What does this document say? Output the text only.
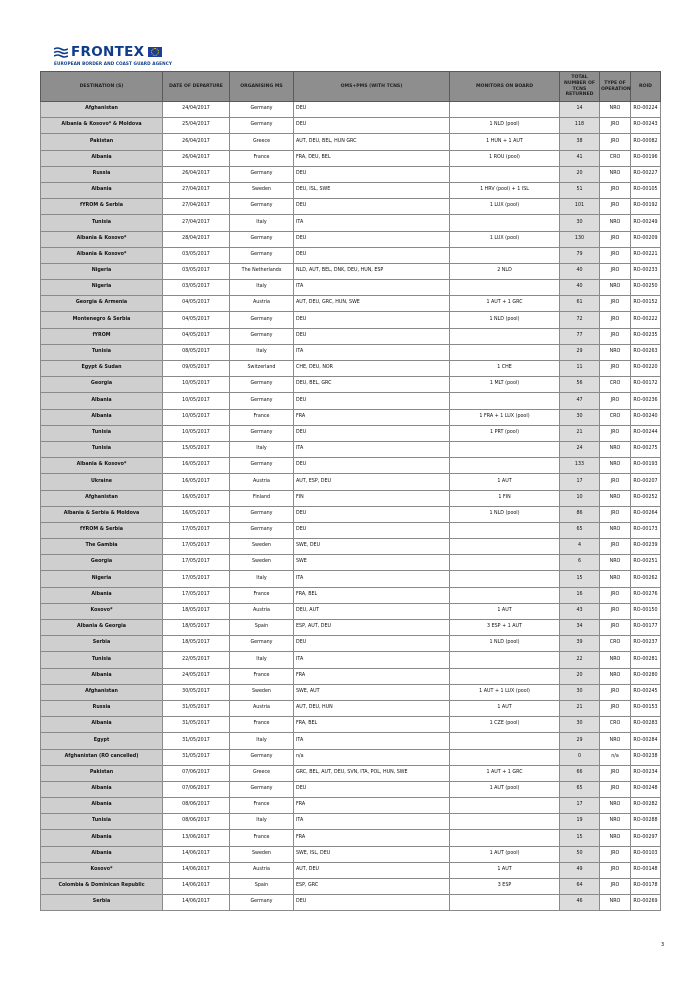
FRONTEX
EUROPEAN BORDER AND COAST GUARD AGENCY
DESTINATION (S)	DATE OF DEPARTURE	ORGANISING MS	OMS+PMS (WITH TCNS)	MONITORS ON BOARD	TOTAL NUMBER OF TCNS RETURNED	TYPE OF OPERATION	ROID
Afghanistan	24/04/2017	Germany	DEU		14	NRO	RO-00224
Albania & Kosovo* & Moldova	25/04/2017	Germany	DEU	1 NLD (pool)	118	JRO	RO-00243
Pakistan	26/04/2017	Greece	AUT, DEU, BEL, HUN GRC	1 HUN + 1 AUT	38	JRO	RO-00082
Albania	26/04/2017	France	FRA, DEU, BEL	1 ROU (pool)	41	CRO	RO-00196
Russia	26/04/2017	Germany	DEU		20	NRO	RO-00227
Albania	27/04/2017	Sweden	DEU, ISL, SWE	1 HRV (pool) + 1 ISL	51	JRO	RO-00105
fYROM & Serbia	27/04/2017	Germany	DEU	1 LUX (pool)	101	JRO	RO-00192
Tunisia	27/04/2017	Italy	ITA		30	NRO	RO-00249
Albania & Kosovo*	28/04/2017	Germany	DEU	1 LUX (pool)	130	JRO	RO-00209
Albania & Kosovo*	03/05/2017	Germany	DEU		79	JRO	RO-00221
Nigeria	03/05/2017	The Netherlands	NLD, AUT, BEL, DNK, DEU, HUN, ESP	2 NLD	40	JRO	RO-00233
Nigeria	03/05/2017	Italy	ITA		40	NRO	RO-00250
Georgia & Armenia	04/05/2017	Austria	AUT, DEU, GRC, HUN, SWE	1 AUT + 1 GRC	61	JRO	RO-00152
Montenegro & Serbia	04/05/2017	Germany	DEU	1 NLD (pool)	72	JRO	RO-00222
fYROM	04/05/2017	Germany	DEU		77	JRO	RO-00235
Tunisia	08/05/2017	Italy	ITA		29	NRO	RO-00263
Egypt & Sudan	09/05/2017	Switzerland	CHE, DEU, NOR	1 CHE	11	JRO	RO-00220
Georgia	10/05/2017	Germany	DEU, BEL, GRC	1 MLT (pool)	56	CRO	RO-00172
Albania	10/05/2017	Germany	DEU		47	JRO	RO-00236
Albania	10/05/2017	France	FRA	1 FRA + 1 LUX (pool)	30	CRO	RO-00240
Tunisia	10/05/2017	Germany	DEU	1 PRT (pool)	21	JRO	RO-00244
Tunisia	15/05/2017	Italy	ITA		24	NRO	RO-00275
Albania & Kosovo*	16/05/2017	Germany	DEU		133	NRO	RO-00193
Ukraine	16/05/2017	Austria	AUT, ESP, DEU	1 AUT	17	JRO	RO-00207
Afghanistan	16/05/2017	Finland	FIN	1 FIN	10	NRO	RO-00252
Albania & Serbia & Moldova	16/05/2017	Germany	DEU	1 NLD (pool)	86	JRO	RO-00264
fYROM & Serbia	17/05/2017	Germany	DEU		65	NRO	RO-00173
The Gambia	17/05/2017	Sweden	SWE, DEU		4	JRO	RO-00239
Georgia	17/05/2017	Sweden	SWE		6	NRO	RO-00251
Nigeria	17/05/2017	Italy	ITA		15	NRO	RO-00262
Albania	17/05/2017	France	FRA, BEL		16	JRO	RO-00276
Kosovo*	18/05/2017	Austria	DEU, AUT	1 AUT	43	JRO	RO-00150
Albania & Georgia	18/05/2017	Spain	ESP, AUT, DEU	3 ESP + 1 AUT	34	JRO	RO-00177
Serbia	18/05/2017	Germany	DEU	1 NLD (pool)	39	CRO	RO-00237
Tunisia	22/05/2017	Italy	ITA		22	NRO	RO-00281
Albania	24/05/2017	France	FRA		20	NRO	RO-00280
Afghanistan	30/05/2017	Sweden	SWE, AUT	1 AUT + 1 LUX (pool)	30	JRO	RO-00245
Russia	31/05/2017	Austria	AUT, DEU, HUN	1 AUT	21	JRO	RO-00153
Albania	31/05/2017	France	FRA, BEL	1 CZE (pool)	30	CRO	RO-00283
Egypt	31/05/2017	Italy	ITA		29	NRO	RO-00284
Afghanistan (RO cancelled)	31/05/2017	Germany	n/a		0	n/a	RO-00238
Pakistan	07/06/2017	Greece	GRC, BEL, AUT, DEU, SVN, ITA, POL, HUN, SWE	1 AUT + 1 GRC	66	JRO	RO-00234
Albania	07/06/2017	Germany	DEU	1 AUT (pool)	65	JRO	RO-00248
Albania	08/06/2017	France	FRA		17	NRO	RO-00282
Tunisia	08/06/2017	Italy	ITA		19	NRO	RO-00288
Albania	13/06/2017	France	FRA		15	NRO	RO-00297
Albania	14/06/2017	Sweden	SWE, ISL, DEU	1 AUT (pool)	50	JRO	RO-00103
Kosovo*	14/06/2017	Austria	AUT, DEU	1 AUT	49	JRO	RO-00148
Colombia & Dominican Republic	14/06/2017	Spain	ESP, GRC	3 ESP	64	JRO	RO-00178
Serbia	14/06/2017	Germany	DEU		46	NRO	RO-00269
3
